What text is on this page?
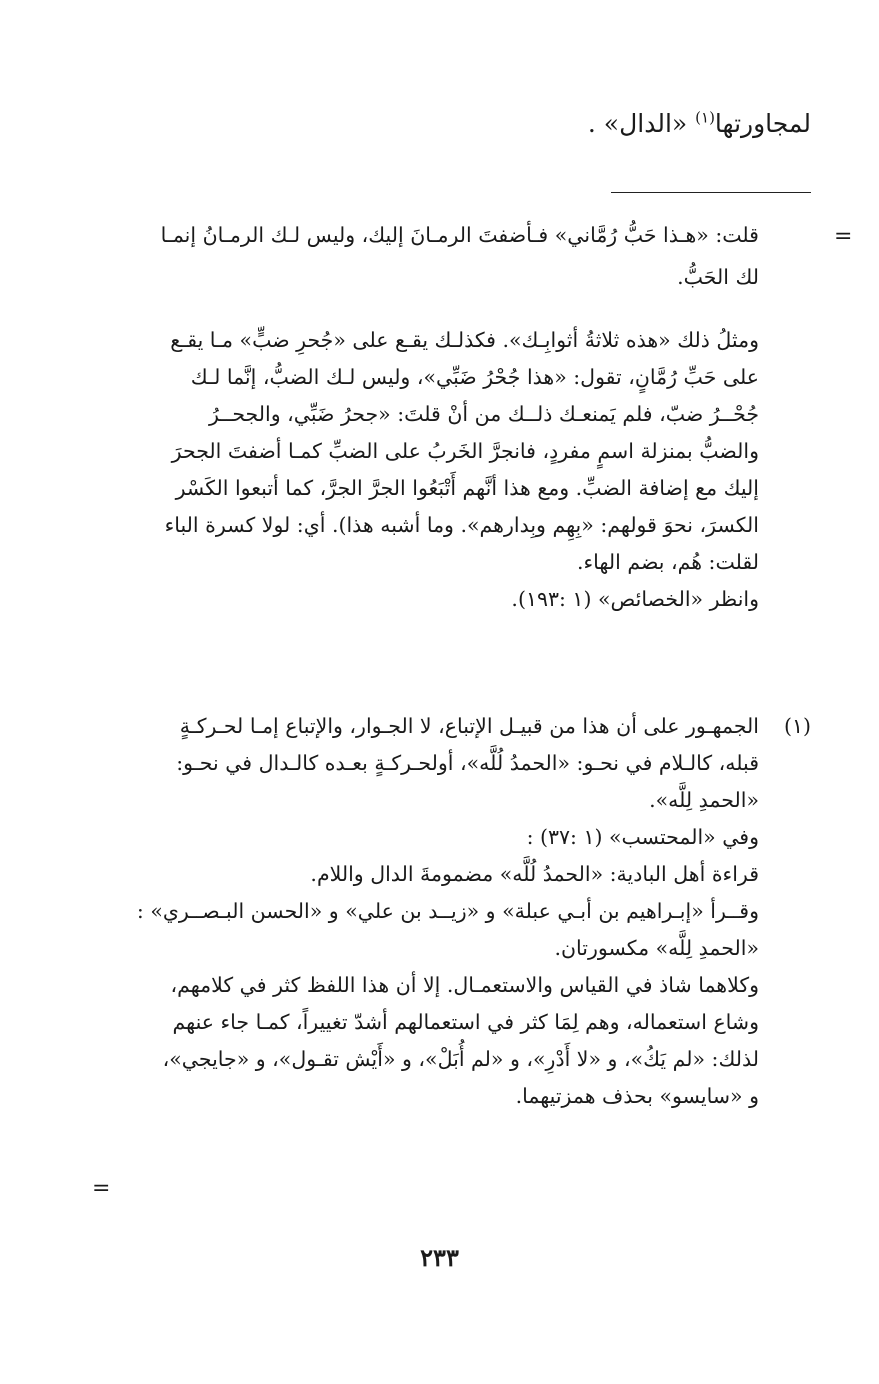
لمجاورتها$^{(١)}$ «الدال» .
=

قلت: «هـذا حَبُّ رُمَّاني» فـأضفتَ الرمـانَ إليك، وليس لـك الرمـانُ إنمـا

لك الحَبُّ.

ومثلُ ذلك «هذه ثلاثةُ أثوابِـك». فكذلـك يقـع على «جُحرِ ضبٍّ» مـا يقـع

على حَبِّ رُمَّانٍ، تقول: «هذا جُحْرُ ضَبِّي»، وليس لـك الضبُّ، إنَّما لـك

جُحْــرُ ضبّ، فلم يَمنعـك ذلــك من أنْ قلتَ: «جحرُ ضَبِّي، والجحــرُ

والضبُّ بمنزلة اسمٍ مفردٍ، فانجرَّ الخَربُ على الضبِّ كمـا أضفتَ الجحرَ

إليك مع إضافة الضبِّ. ومع هذا أنَّهم أَتْبَعُوا الجرَّ الجرَّ، كما أتبعوا الكَسْر

الكسرَ، نحوَ قولهم: «بِهِم وبِدارهم». وما أشبه هذا). أي: لولا كسرة الباء

لقلت: هُم، بضم الهاء.

وانظر «الخصائص» (١ :١٩٣).

(١)

الجمهـور على أن هذا من قبيـل الإتباع، لا الجـوار، والإتباع إمـا لحـركـةٍ

قبله، كالـلام في نحـو: «الحمدُ لُلَّه»، أولحـركـةٍ بعـده كالـدال في نحـو:

«الحمدِ لِلَّه».

وفي «المحتسب» (١ :٣٧) :

قراءة أهل البادية: «الحمدُ لُلَّه» مضمومةَ الدال واللام.

وقــرأ «إبـراهيم بن أبـي عبلة» و «زيــد بن علي» و «الحسن البـصــري» :

«الحمدِ لِلَّه» مكسورتان.

وكلاهما شاذ في القياس والاستعمـال. إلا أن هذا اللفظ كثر في كلامهم،

وشاع استعماله، وهم لِمَا كثر في استعمالهم أشدّ تغييراً، كمـا جاء عنهم

لذلك: «لم يَكُ»، و «لا أَدْرِ»، و «لم أُبَلْ»، و «أَيْش تقـول»، و «جايجي»،

و «سايسو» بحذف همزتيهما.

=
٢٣٣
